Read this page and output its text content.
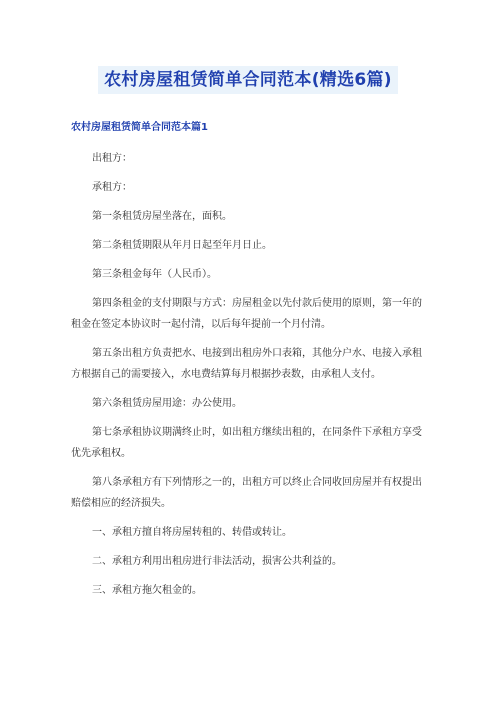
农村房屋租赁简单合同范本(精选6篇)
农村房屋租赁简单合同范本篇1

出租方：

承租方：

第一条租赁房屋坐落在，面积。

第二条租赁期限从年月日起至年月日止。

第三条租金每年（人民币）。

第四条租金的支付期限与方式：房屋租金以先付款后使用的原则，第一年的租金在签定本协议时一起付清，以后每年提前一个月付清。

第五条出租方负责把水、电接到出租房外口表箱，其他分户水、电接入承租方根据自己的需要接入，水电费结算每月根据抄表数，由承租人支付。

第六条租赁房屋用途：办公使用。

第七条承租协议期满终止时，如出租方继续出租的，在同条件下承租方享受优先承租权。

第八条承租方有下列情形之一的，出租方可以终止合同收回房屋并有权提出赔偿相应的经济损失。

一、承租方擅自将房屋转租的、转借或转让。

二、承租方利用出租房进行非法活动，损害公共利益的。

三、承租方拖欠租金的。
